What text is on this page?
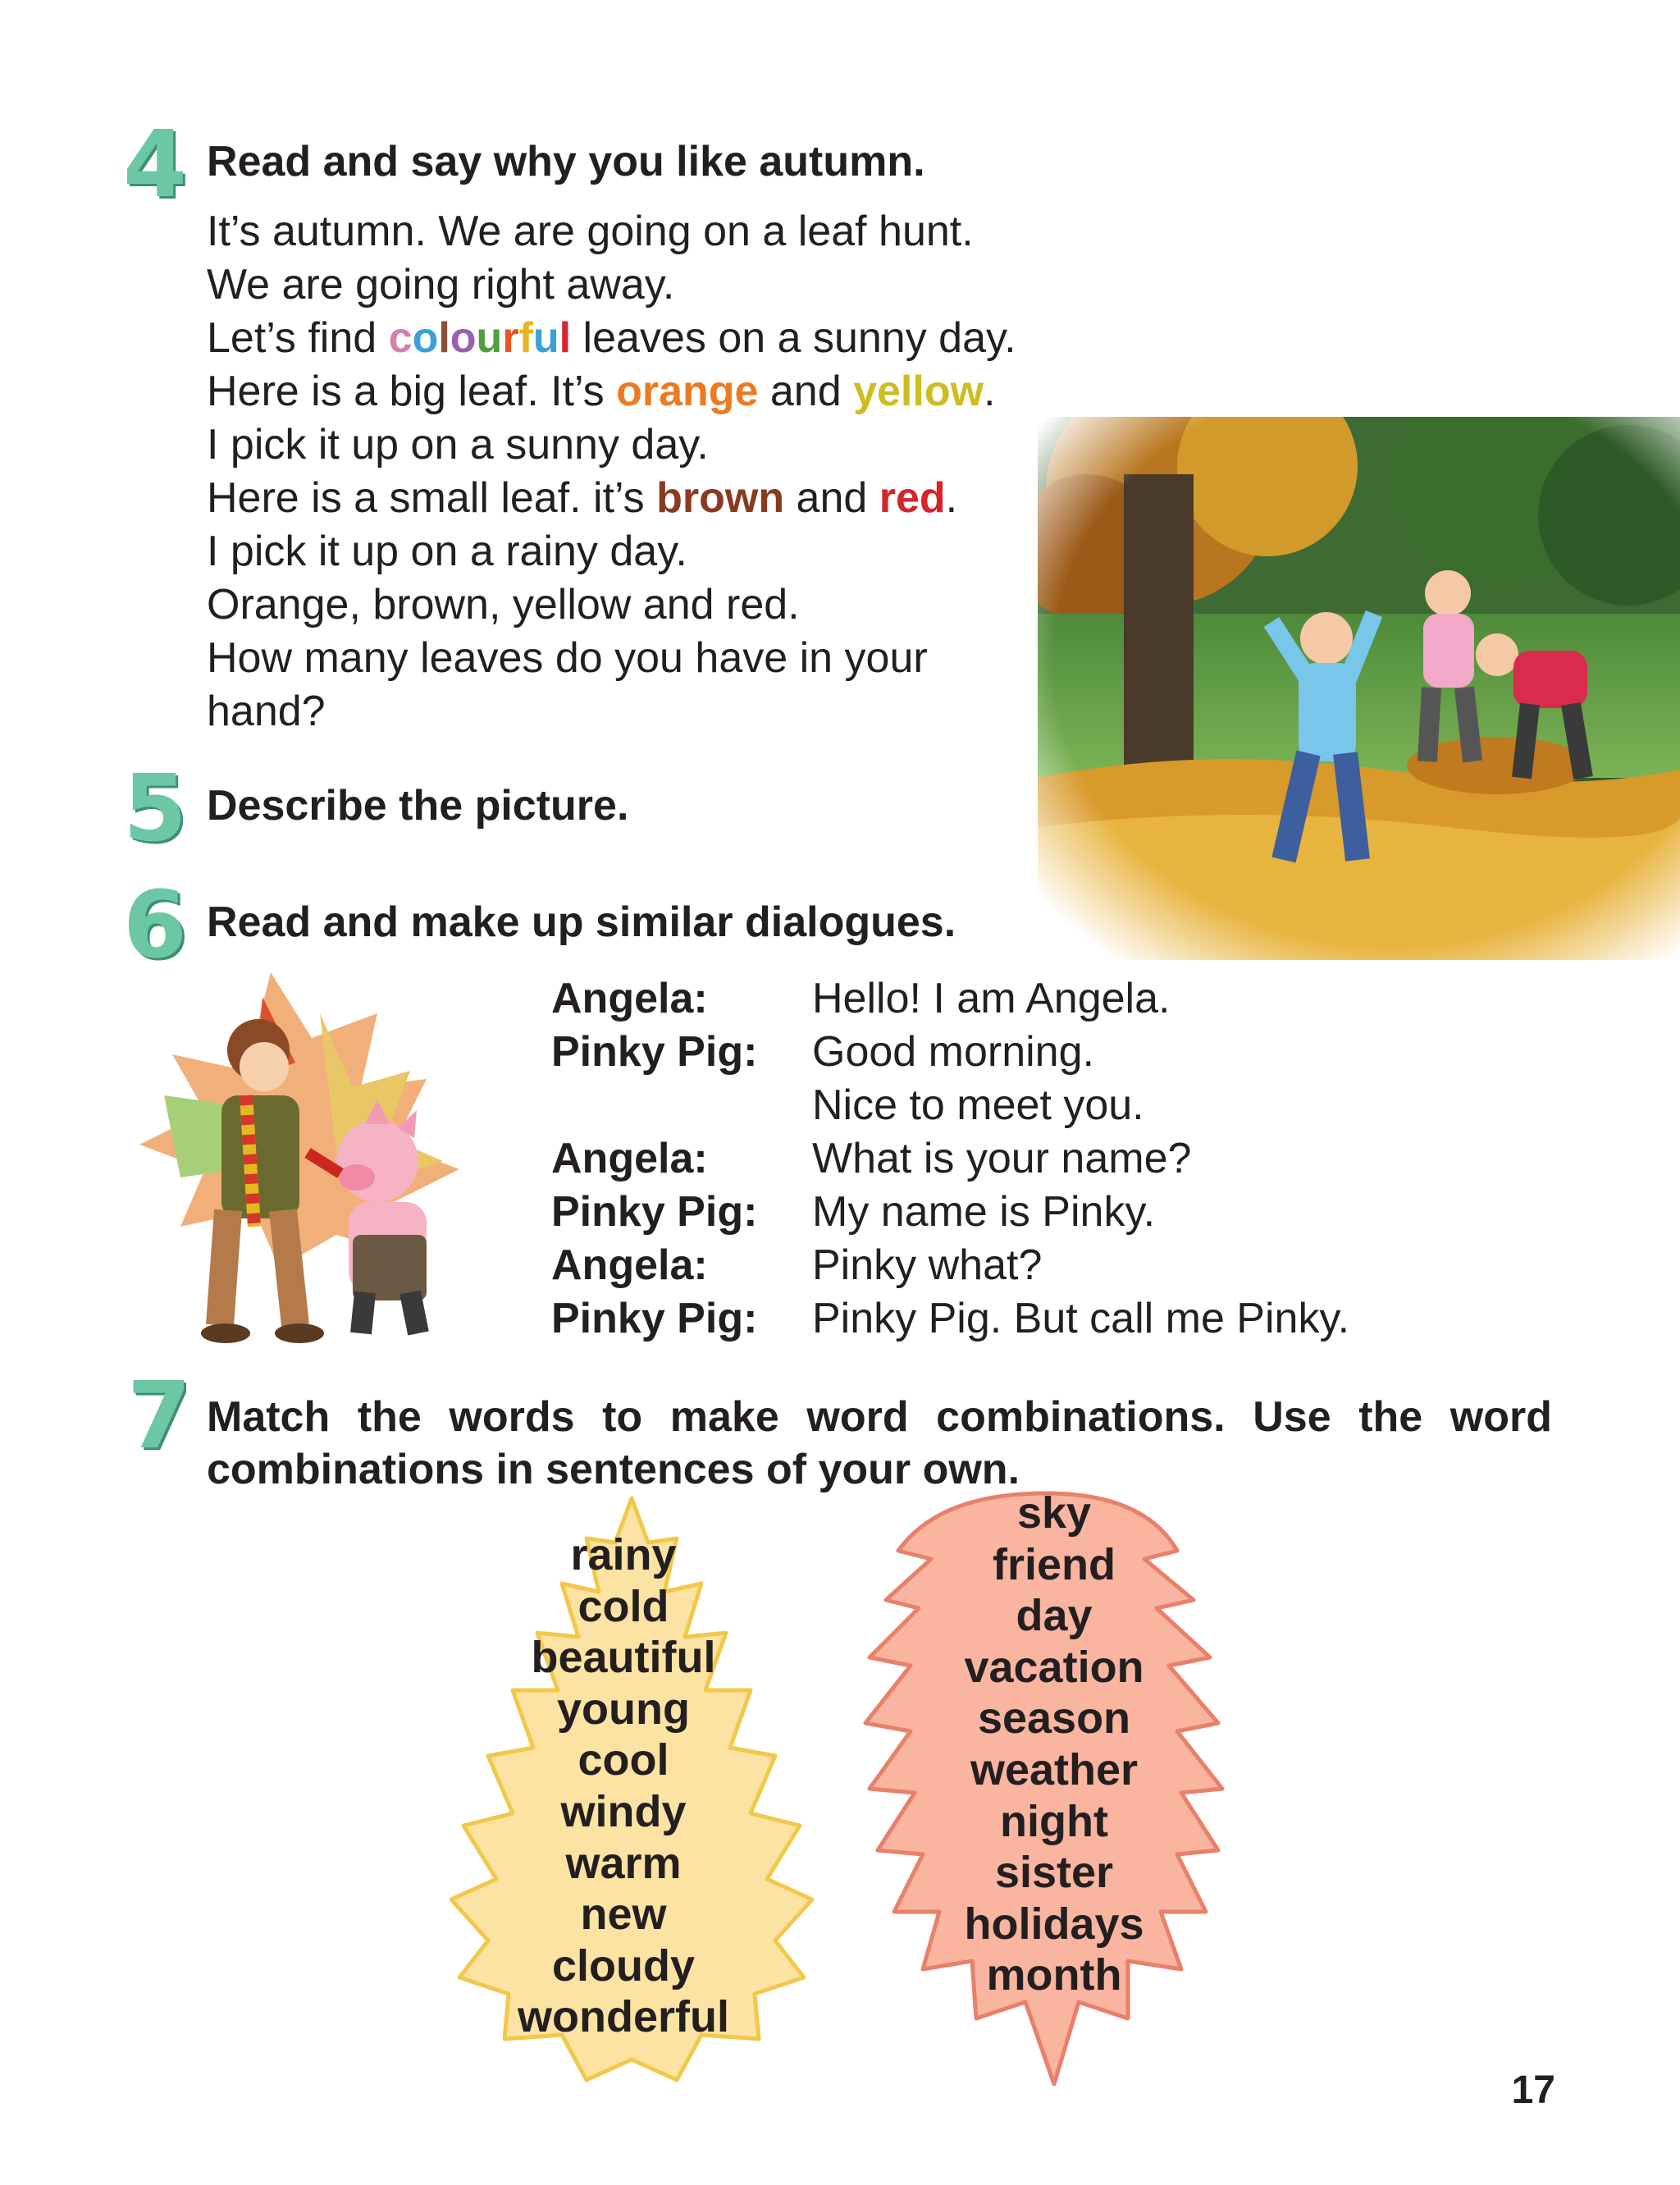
4 Read and say why you like autumn.
It’s autumn. We are going on a leaf hunt.
We are going right away.
Let’s find colourful leaves on a sunny day.
Here is a big leaf. It’s orange and yellow.
I pick it up on a sunny day.
Here is a small leaf. it’s brown and red.
I pick it up on a rainy day.
Orange, brown, yellow and red.
How many leaves do you have in your
hand?
5 Describe the picture.
6 Read and make up similar dialogues.
Angela:	Hello! I am Angela.
Pinky Pig:	Good morning.
Nice to meet you.
Angela:	What is your name?
Pinky Pig:	My name is Pinky.
Angela:	Pinky what?
Pinky Pig:	Pinky Pig. But call me Pinky.
7 Match the words to make word combinations. Use the word
combinations in sentences of your own.
rainy
cold
beautiful
young
cool
windy
warm
new
cloudy
wonderful
sky
friend
day
vacation
season
weather
night
sister
holidays
month
17
